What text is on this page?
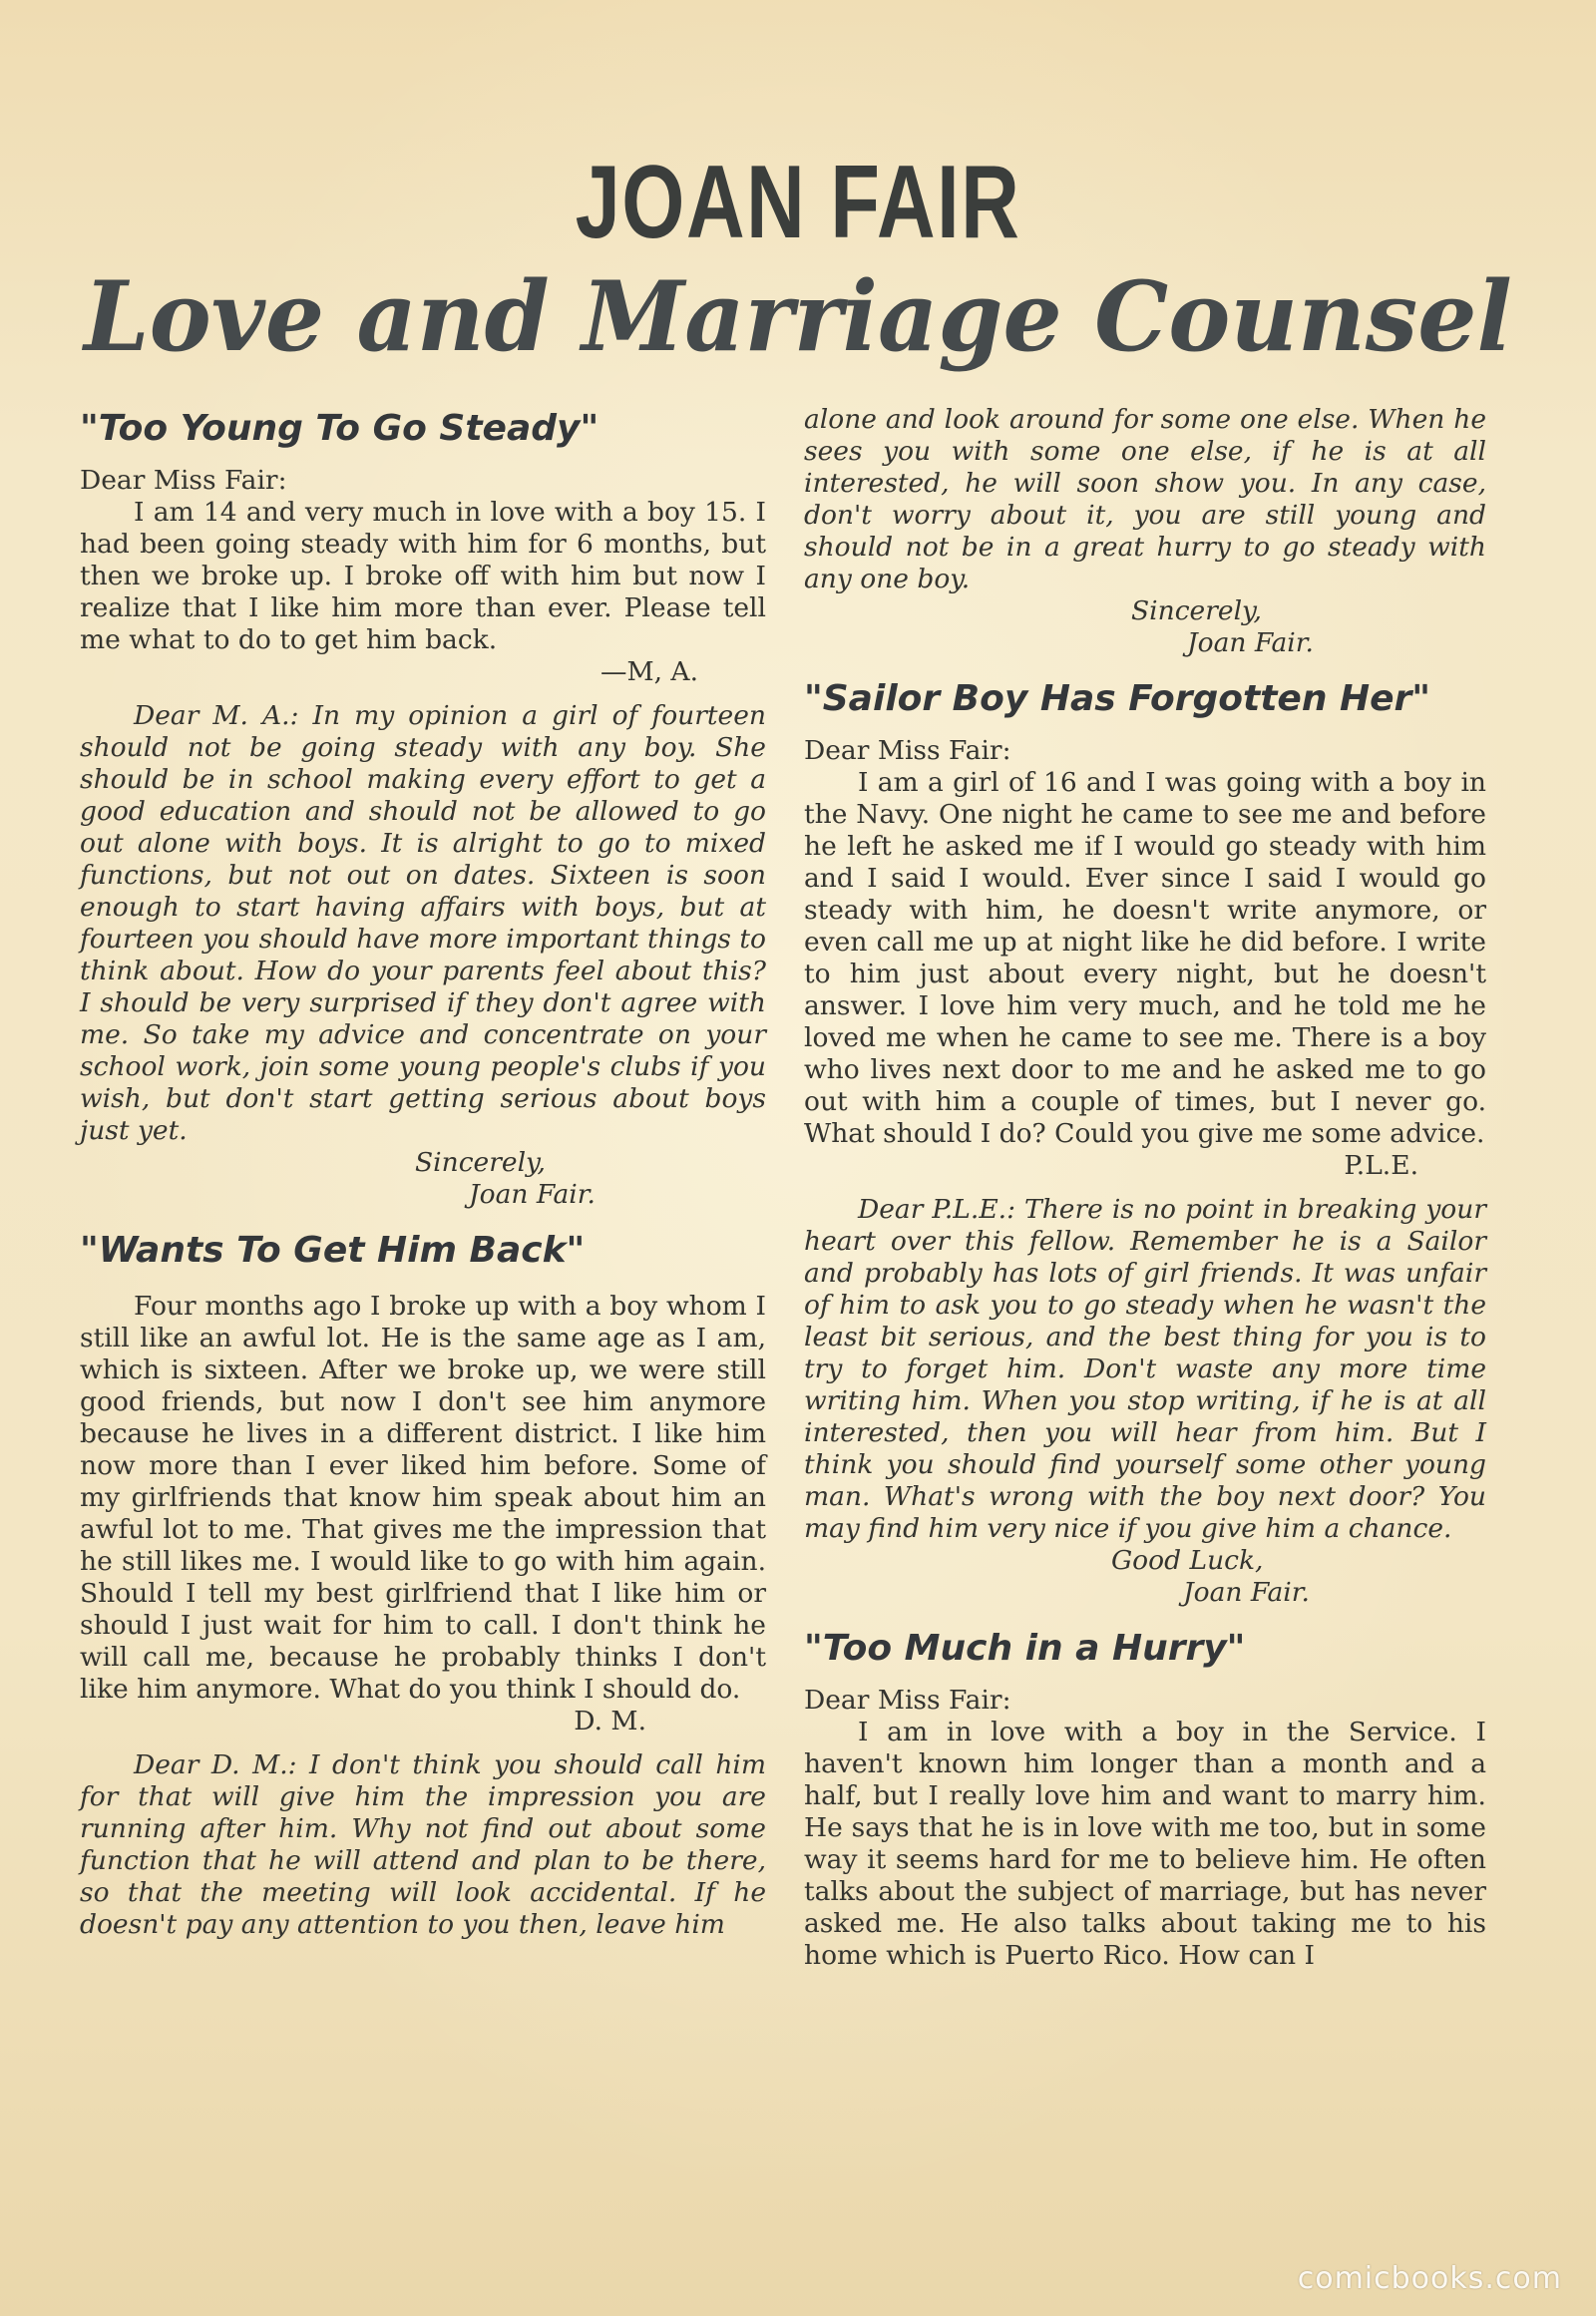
JOAN FAIR
Love and Marriage Counsel
"Too Young To Go Steady"
Dear Miss Fair:

I am 14 and very much in love with a boy 15. I had been going steady with him for 6 months, but then we broke up. I broke off with him but now I realize that I like him more than ever. Please tell me what to do to get him back.

—M, A.

Dear M. A.: In my opinion a girl of fourteen should not be going steady with any boy. She should be in school making every effort to get a good education and should not be allowed to go out alone with boys. It is alright to go to mixed functions, but not out on dates. Sixteen is soon enough to start having affairs with boys, but at fourteen you should have more important things to think about. How do your parents feel about this? I should be very surprised if they don't agree with me. So take my advice and concentrate on your school work, join some young people's clubs if you wish, but don't start getting serious about boys just yet.

Sincerely,
Joan Fair.
"Wants To Get Him Back"

Four months ago I broke up with a boy whom I still like an awful lot. He is the same age as I am, which is sixteen. After we broke up, we were still good friends, but now I don't see him anymore because he lives in a different district. I like him now more than I ever liked him before. Some of my girlfriends that know him speak about him an awful lot to me. That gives me the impression that he still likes me. I would like to go with him again. Should I tell my best girlfriend that I like him or should I just wait for him to call. I don't think he will call me, because he probably thinks I don't like him anymore. What do you think I should do.

D. M.

Dear D. M.: I don't think you should call him for that will give him the impression you are running after him. Why not find out about some function that he will attend and plan to be there, so that the meeting will look accidental. If he doesn't pay any attention to you then, leave him

alone and look around for some one else. When he sees you with some one else, if he is at all interested, he will soon show you. In any case, don't worry about it, you are still young and should not be in a great hurry to go steady with any one boy.

Sincerely,
Joan Fair.
"Sailor Boy Has Forgotten Her"
Dear Miss Fair:

I am a girl of 16 and I was going with a boy in the Navy. One night he came to see me and before he left he asked me if I would go steady with him and I said I would. Ever since I said I would go steady with him, he doesn't write anymore, or even call me up at night like he did before. I write to him just about every night, but he doesn't answer. I love him very much, and he told me he loved me when he came to see me. There is a boy who lives next door to me and he asked me to go out with him a couple of times, but I never go. What should I do? Could you give me some advice.

P.L.E.

Dear P.L.E.: There is no point in breaking your heart over this fellow. Remember he is a Sailor and probably has lots of girl friends. It was unfair of him to ask you to go steady when he wasn't the least bit serious, and the best thing for you is to try to forget him. Don't waste any more time writing him. When you stop writing, if he is at all interested, then you will hear from him. But I think you should find yourself some other young man. What's wrong with the boy next door? You may find him very nice if you give him a chance.

Good Luck,
Joan Fair.
"Too Much in a Hurry"
Dear Miss Fair:

I am in love with a boy in the Service. I haven't known him longer than a month and a half, but I really love him and want to marry him. He says that he is in love with me too, but in some way it seems hard for me to believe him. He often talks about the subject of marriage, but has never asked me. He also talks about taking me to his home which is Puerto Rico. How can I

comicbooks.com
